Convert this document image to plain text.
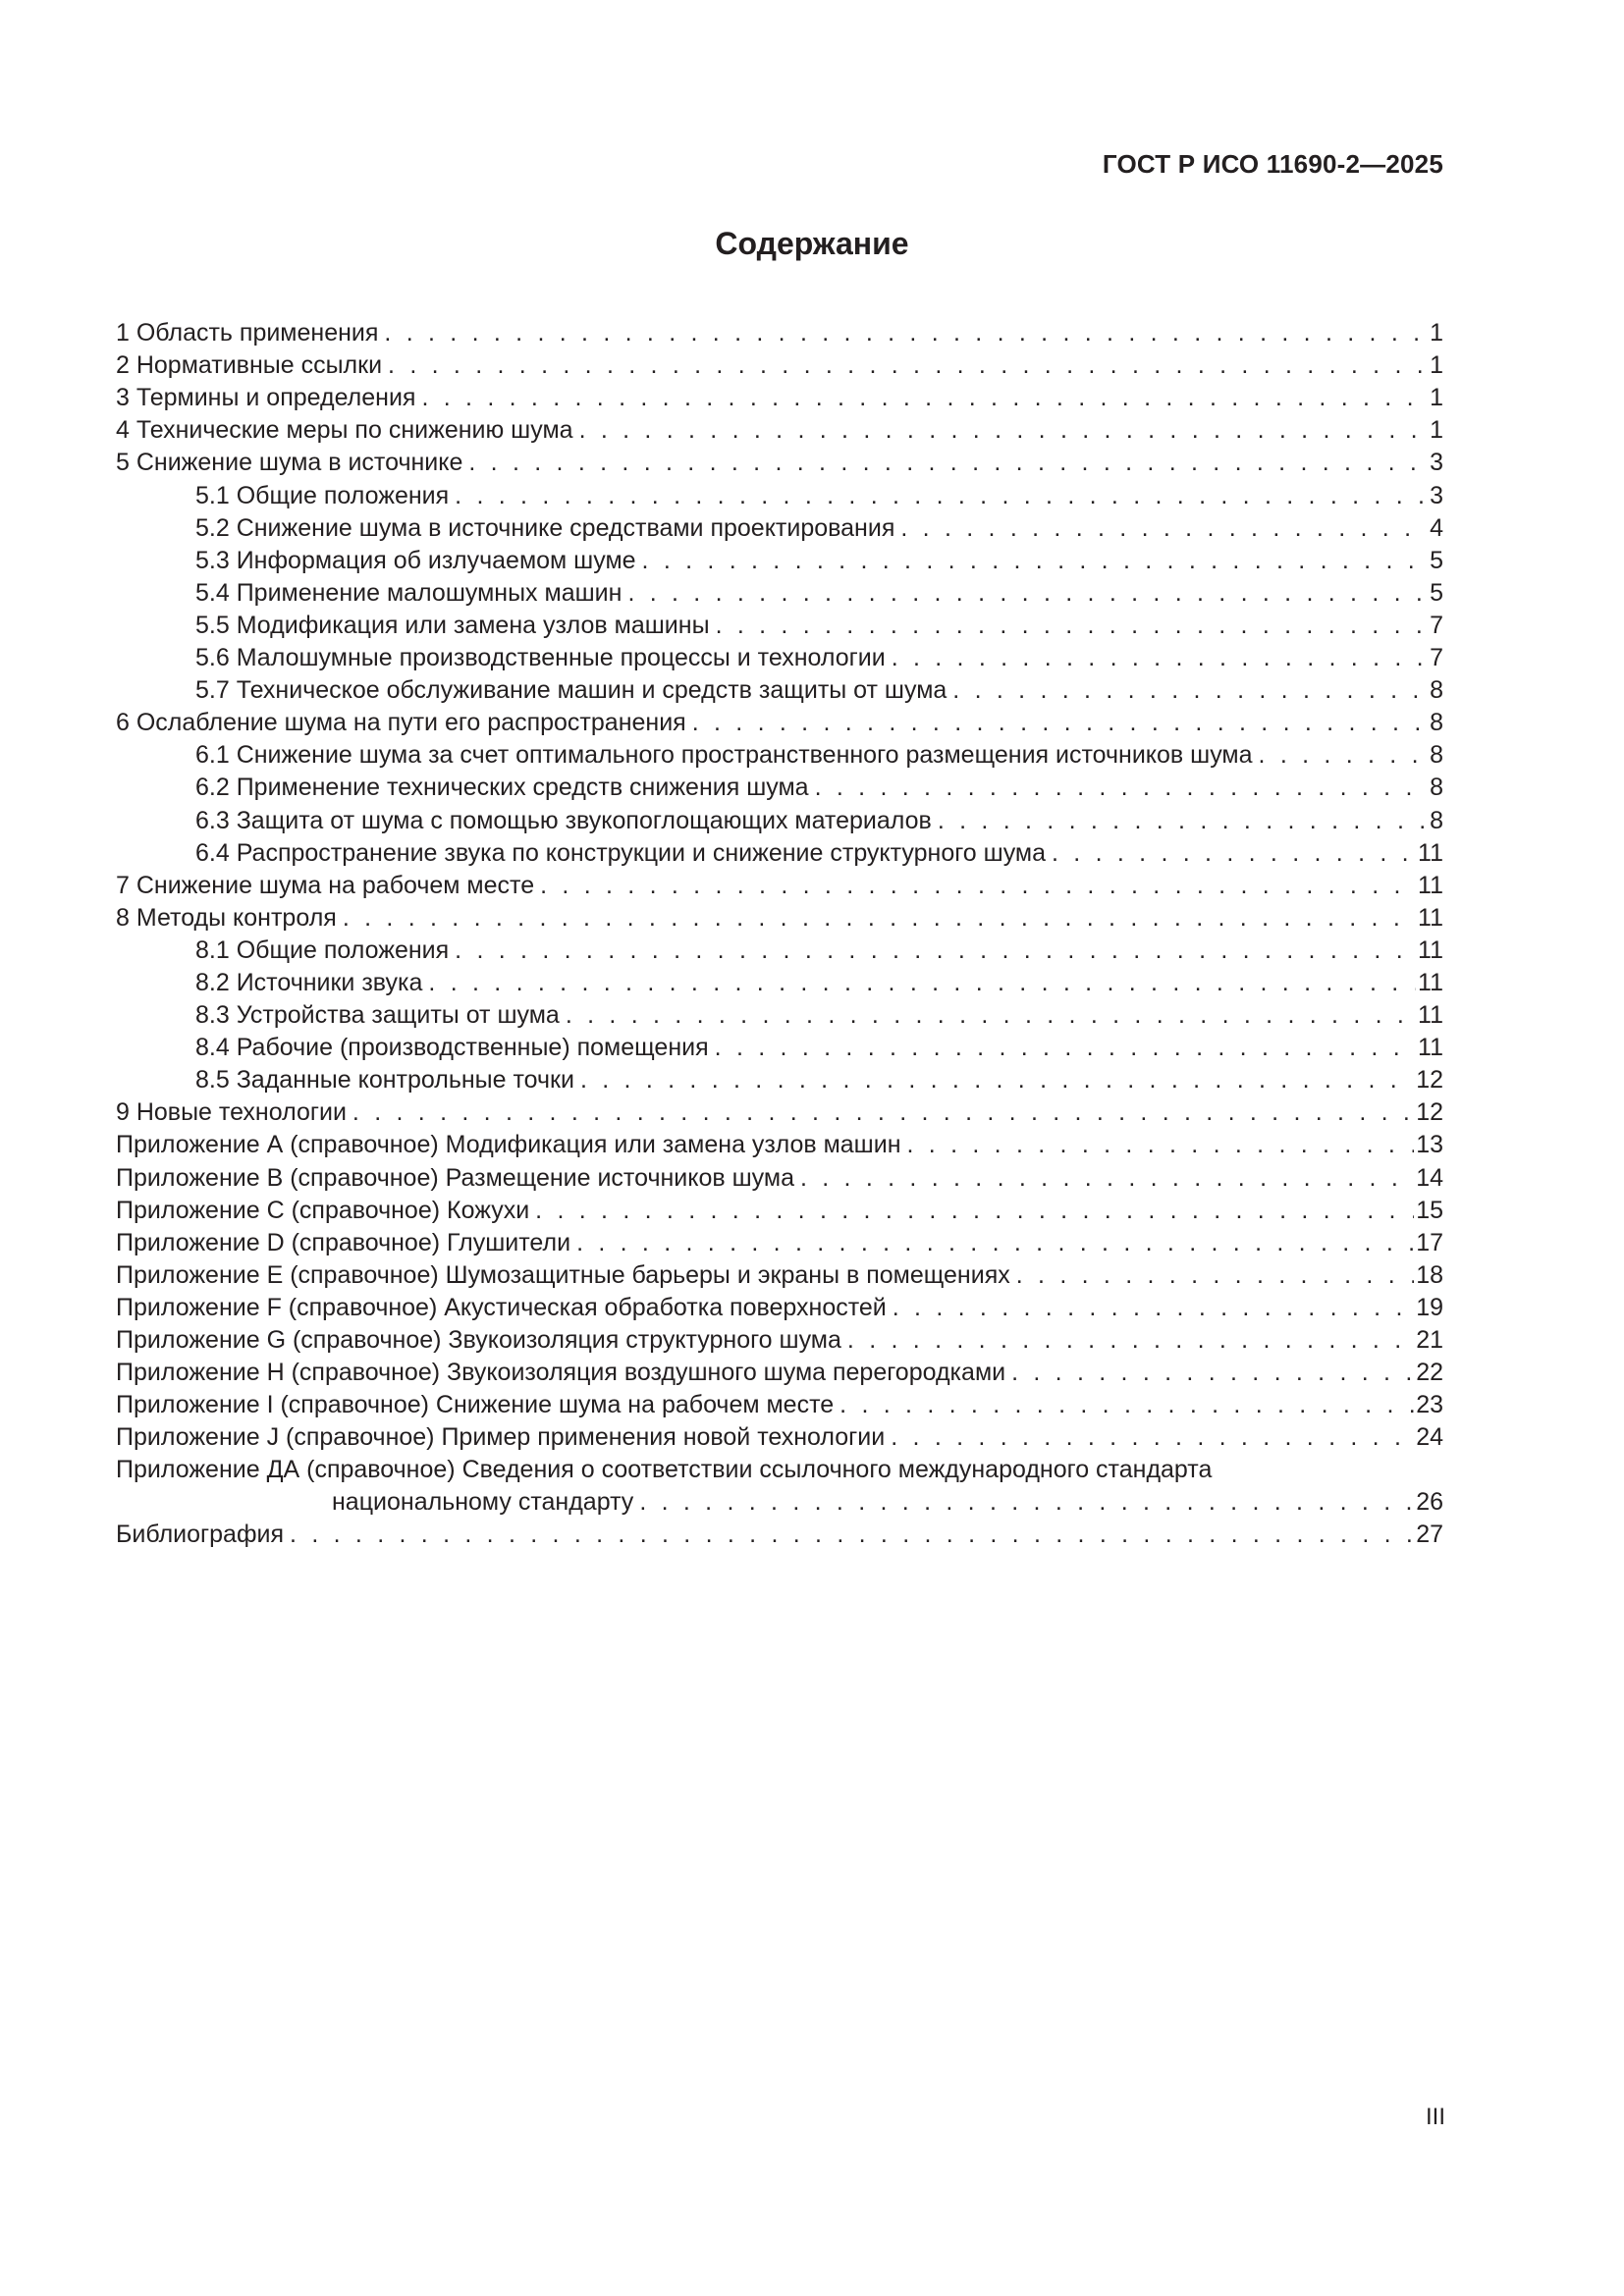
ГОСТ Р ИСО 11690-2—2025
Содержание
1 Область применения . . .	1
2 Нормативные ссылки . . .	1
3 Термины и определения . . .	1
4 Технические меры по снижению шума . . .	1
5 Снижение шума в источнике . . .	3
5.1 Общие положения . . .	3
5.2 Снижение шума в источнике средствами проектирования . . .	4
5.3 Информация об излучаемом шуме . . .	5
5.4 Применение малошумных машин . . .	5
5.5 Модификация или замена узлов машины . . .	7
5.6 Малошумные производственные процессы и технологии . . .	7
5.7 Техническое обслуживание машин и средств защиты от шума . . .	8
6 Ослабление шума на пути его распространения . . .	8
6.1 Снижение шума за счет оптимального пространственного размещения источников шума . . .	8
6.2 Применение технических средств снижения шума . . .	8
6.3 Защита от шума с помощью звукопоглощающих материалов . . .	8
6.4 Распространение звука по конструкции и снижение структурного шума . . .	11
7 Снижение шума на рабочем месте . . .	11
8 Методы контроля . . .	11
8.1 Общие положения . . .	11
8.2 Источники звука . . .	11
8.3 Устройства защиты от шума . . .	11
8.4 Рабочие (производственные) помещения . . .	11
8.5 Заданные контрольные точки . . .	12
9 Новые технологии . . .	12
Приложение А (справочное) Модификация или замена узлов машин . . .	13
Приложение В (справочное) Размещение источников шума . . .	14
Приложение С (справочное) Кожухи . . .	15
Приложение D (справочное) Глушители . . .	17
Приложение Е (справочное) Шумозащитные барьеры и экраны в помещениях . . .	18
Приложение F (справочное) Акустическая обработка поверхностей . . .	19
Приложение G (справочное) Звукоизоляция структурного шума . . .	21
Приложение Н (справочное) Звукоизоляция воздушного шума перегородками . . .	22
Приложение I (справочное) Снижение шума на рабочем месте . . .	23
Приложение J (справочное) Пример применения новой технологии . . .	24
Приложение ДА (справочное) Сведения о соответствии ссылочного международного стандарта
национальному стандарту . . .	26
Библиография . . .	27
III
